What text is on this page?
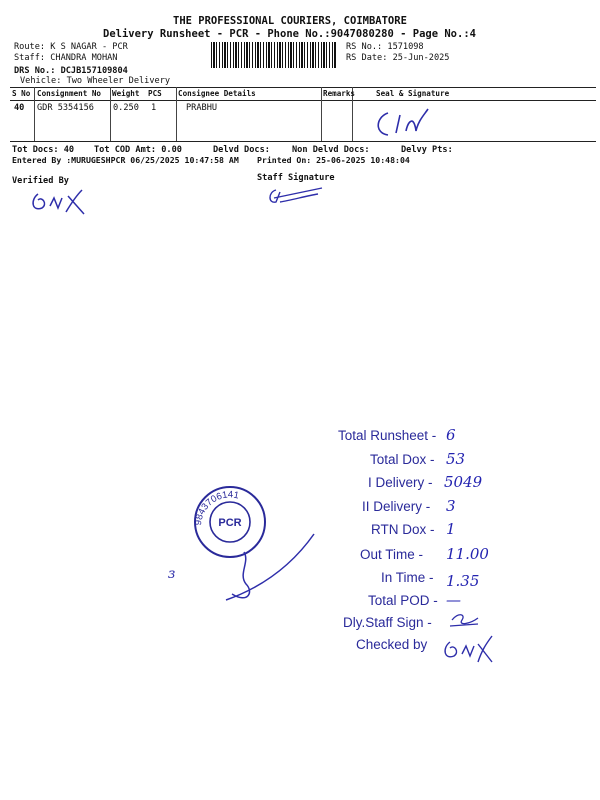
THE PROFESSIONAL COURIERS, COIMBATORE
Delivery Runsheet - PCR - Phone No.:9047080280 - Page No.:4
Route: K S NAGAR - PCR
Staff: CHANDRA MOHAN
DRS No.: DCJB157109804
Vehicle: Two Wheeler Delivery
RS No.: 1571098
RS Date: 25-Jun-2025
S No Consignment No Weight PCS Consignee Details	Remarks	Seal & Signature
40 GDR 5354156 0.250 1	PRABHU
Tot Docs: 40 Tot COD Amt: 0.00	Delvd Docs:	Non Delvd Docs:	Delvy Pts:
Entered By :MURUGESHPCR 06/25/2025 10:47:58 AM Printed On: 25-06-2025 10:48:04
Verified By	Staff Signature
PCR
9843706141
ɜ
Total Runsheet - 6
Total Dox - 53
I Delivery - 5049
II Delivery - 3
RTN Dox - 1
Out Time - 11.00
In Time - 1.35
Total POD - —
Dly.Staff Sign -
Checked by
